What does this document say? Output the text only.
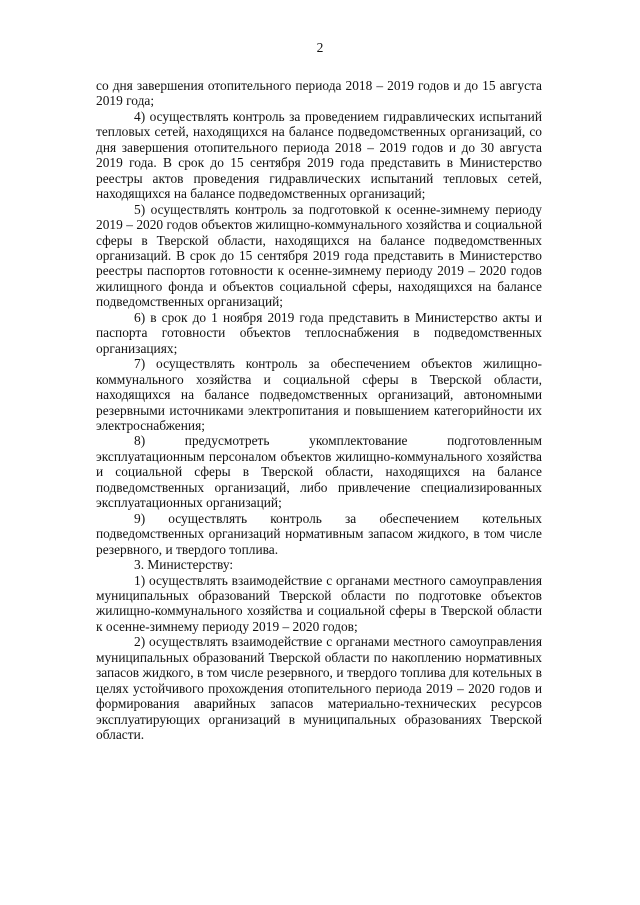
2

со дня завершения отопительного периода 2018 – 2019 годов и до 15 августа 2019 года;

4) осуществлять контроль за проведением гидравлических испытаний тепловых сетей, находящихся на балансе подведомственных организаций, со дня завершения отопительного периода 2018 – 2019 годов и до 30 августа 2019 года. В срок до 15 сентября 2019 года представить в Министерство реестры актов проведения гидравлических испытаний тепловых сетей, находящихся на балансе подведомственных организаций;

5) осуществлять контроль за подготовкой к осенне-зимнему периоду 2019 – 2020 годов объектов жилищно-коммунального хозяйства и социальной сферы в Тверской области, находящихся на балансе подведомственных организаций. В срок до 15 сентября 2019 года представить в Министерство реестры паспортов готовности к осенне-зимнему периоду 2019 – 2020 годов жилищного фонда и объектов социальной сферы, находящихся на балансе подведомственных организаций;

6) в срок до 1 ноября 2019 года представить в Министерство акты и паспорта готовности объектов теплоснабжения в подведомственных организациях;

7) осуществлять контроль за обеспечением объектов жилищно-коммунального хозяйства и социальной сферы в Тверской области, находящихся на балансе подведомственных организаций, автономными резервными источниками электропитания и повышением категорийности их электроснабжения;

8) предусмотреть укомплектование подготовленным эксплуатационным персоналом объектов жилищно-коммунального хозяйства и социальной сферы в Тверской области, находящихся на балансе подведомственных организаций, либо привлечение специализированных эксплуатационных организаций;

9) осуществлять контроль за обеспечением котельных подведомственных организаций нормативным запасом жидкого, в том числе резервного, и твердого топлива.

3. Министерству:

1) осуществлять взаимодействие с органами местного самоуправления муниципальных образований Тверской области по подготовке объектов жилищно-коммунального хозяйства и социальной сферы в Тверской области к осенне-зимнему периоду 2019 – 2020 годов;

2) осуществлять взаимодействие с органами местного самоуправления муниципальных образований Тверской области по накоплению нормативных запасов жидкого, в том числе резервного, и твердого топлива для котельных в целях устойчивого прохождения отопительного периода 2019 – 2020 годов и формирования аварийных запасов материально-технических ресурсов эксплуатирующих организаций в муниципальных образованиях Тверской области.
